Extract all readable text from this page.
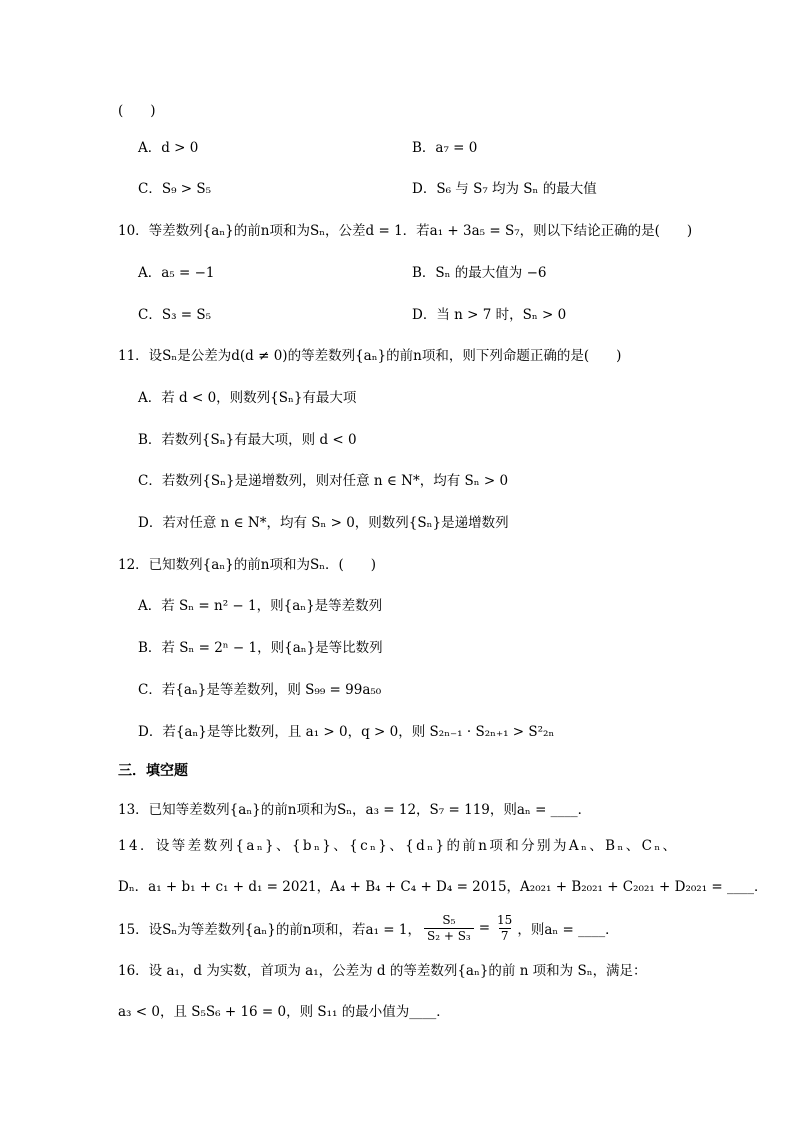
(　　)
A．d > 0	B．a₇ = 0
C．S₉ > S₅	D．S₆ 与 S₇ 均为 Sₙ 的最大值
10．等差数列{aₙ}的前n项和为Sₙ，公差d = 1．若a₁ + 3a₅ = S₇，则以下结论正确的是(　　)
A．a₅ = −1	B．Sₙ 的最大值为 −6
C．S₃ = S₅	D．当 n > 7 时，Sₙ > 0
11．设Sₙ是公差为d(d ≠ 0)的等差数列{aₙ}的前n项和，则下列命题正确的是(　　)
A．若 d < 0，则数列{Sₙ}有最大项
B．若数列{Sₙ}有最大项，则 d < 0
C．若数列{Sₙ}是递增数列，则对任意 n ∈ N*，均有 Sₙ > 0
D．若对任意 n ∈ N*，均有 Sₙ > 0，则数列{Sₙ}是递增数列
12．已知数列{aₙ}的前n项和为Sₙ．(　　)
A．若 Sₙ = n² − 1，则{aₙ}是等差数列
B．若 Sₙ = 2ⁿ − 1，则{aₙ}是等比数列
C．若{aₙ}是等差数列，则 S₉₉ = 99a₅₀
D．若{aₙ}是等比数列，且 a₁ > 0，q > 0，则 S₂ₙ₋₁ · S₂ₙ₊₁ > S²₂ₙ
三．填空题
13．已知等差数列{aₙ}的前n项和为Sₙ，a₃ = 12，S₇ = 119，则aₙ = ____．
14．设等差数列{aₙ}、{bₙ}、{cₙ}、{dₙ}的前n项和分别为Aₙ、Bₙ、Cₙ、
Dₙ．a₁ + b₁ + c₁ + d₁ = 2021，A₄ + B₄ + C₄ + D₄ = 2015，A₂₀₂₁ + B₂₀₂₁ + C₂₀₂₁ + D₂₀₂₁ = ____．
15．设Sₙ为等差数列{aₙ}的前n项和，若a₁ = 1， $\frac{\text{S₅}}{\text{S₂ + S₃}} = \frac{15}{7}$ ，则aₙ = ____．
16．设 a₁，d 为实数，首项为 a₁，公差为 d 的等差数列{aₙ}的前 n 项和为 Sₙ，满足：
a₃ < 0，且 S₅S₆ + 16 = 0，则 S₁₁ 的最小值为____．
